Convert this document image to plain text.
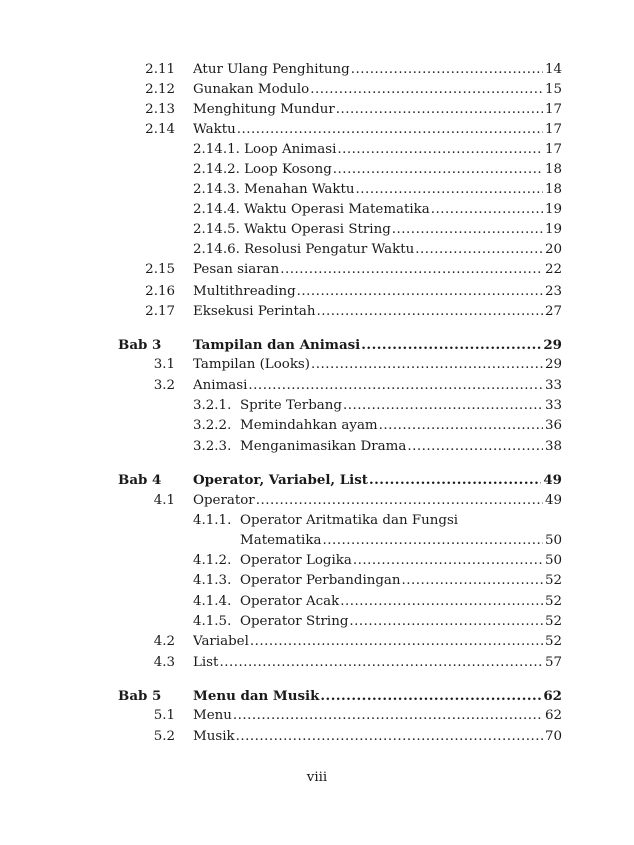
2.11 Atur Ulang Penghitung .....	14
2.12 Gunakan Modulo .....	15
2.13 Menghitung Mundur .....	17
2.14 Waktu .....	17
2.14.1. Loop Animasi .....	17
2.14.2. Loop Kosong .....	18
2.14.3. Menahan Waktu .....	18
2.14.4. Waktu Operasi Matematika .....	19
2.14.5. Waktu Operasi String .....	19
2.14.6. Resolusi Pengatur Waktu .....	20
2.15 Pesan siaran .....	22
2.16 Multithreading .....	23
2.17 Eksekusi Perintah .....	27
Bab 3 Tampilan dan Animasi .....	29
3.1 Tampilan (Looks) .....	29
3.2 Animasi .....	33
3.2.1. Sprite Terbang .....	33
3.2.2. Memindahkan ayam .....	36
3.2.3. Menganimasikan Drama .....	38
Bab 4 Operator, Variabel, List .....	49
4.1 Operator .....	49
4.1.1. Operator Aritmatika dan Fungsi
Matematika .....	50
4.1.2. Operator Logika .....	50
4.1.3. Operator Perbandingan .....	52
4.1.4. Operator Acak .....	52
4.1.5. Operator String .....	52
4.2 Variabel .....	52
4.3 List .....	57
Bab 5 Menu dan Musik .....	62
5.1 Menu .....	62
5.2 Musik .....	70
viii
